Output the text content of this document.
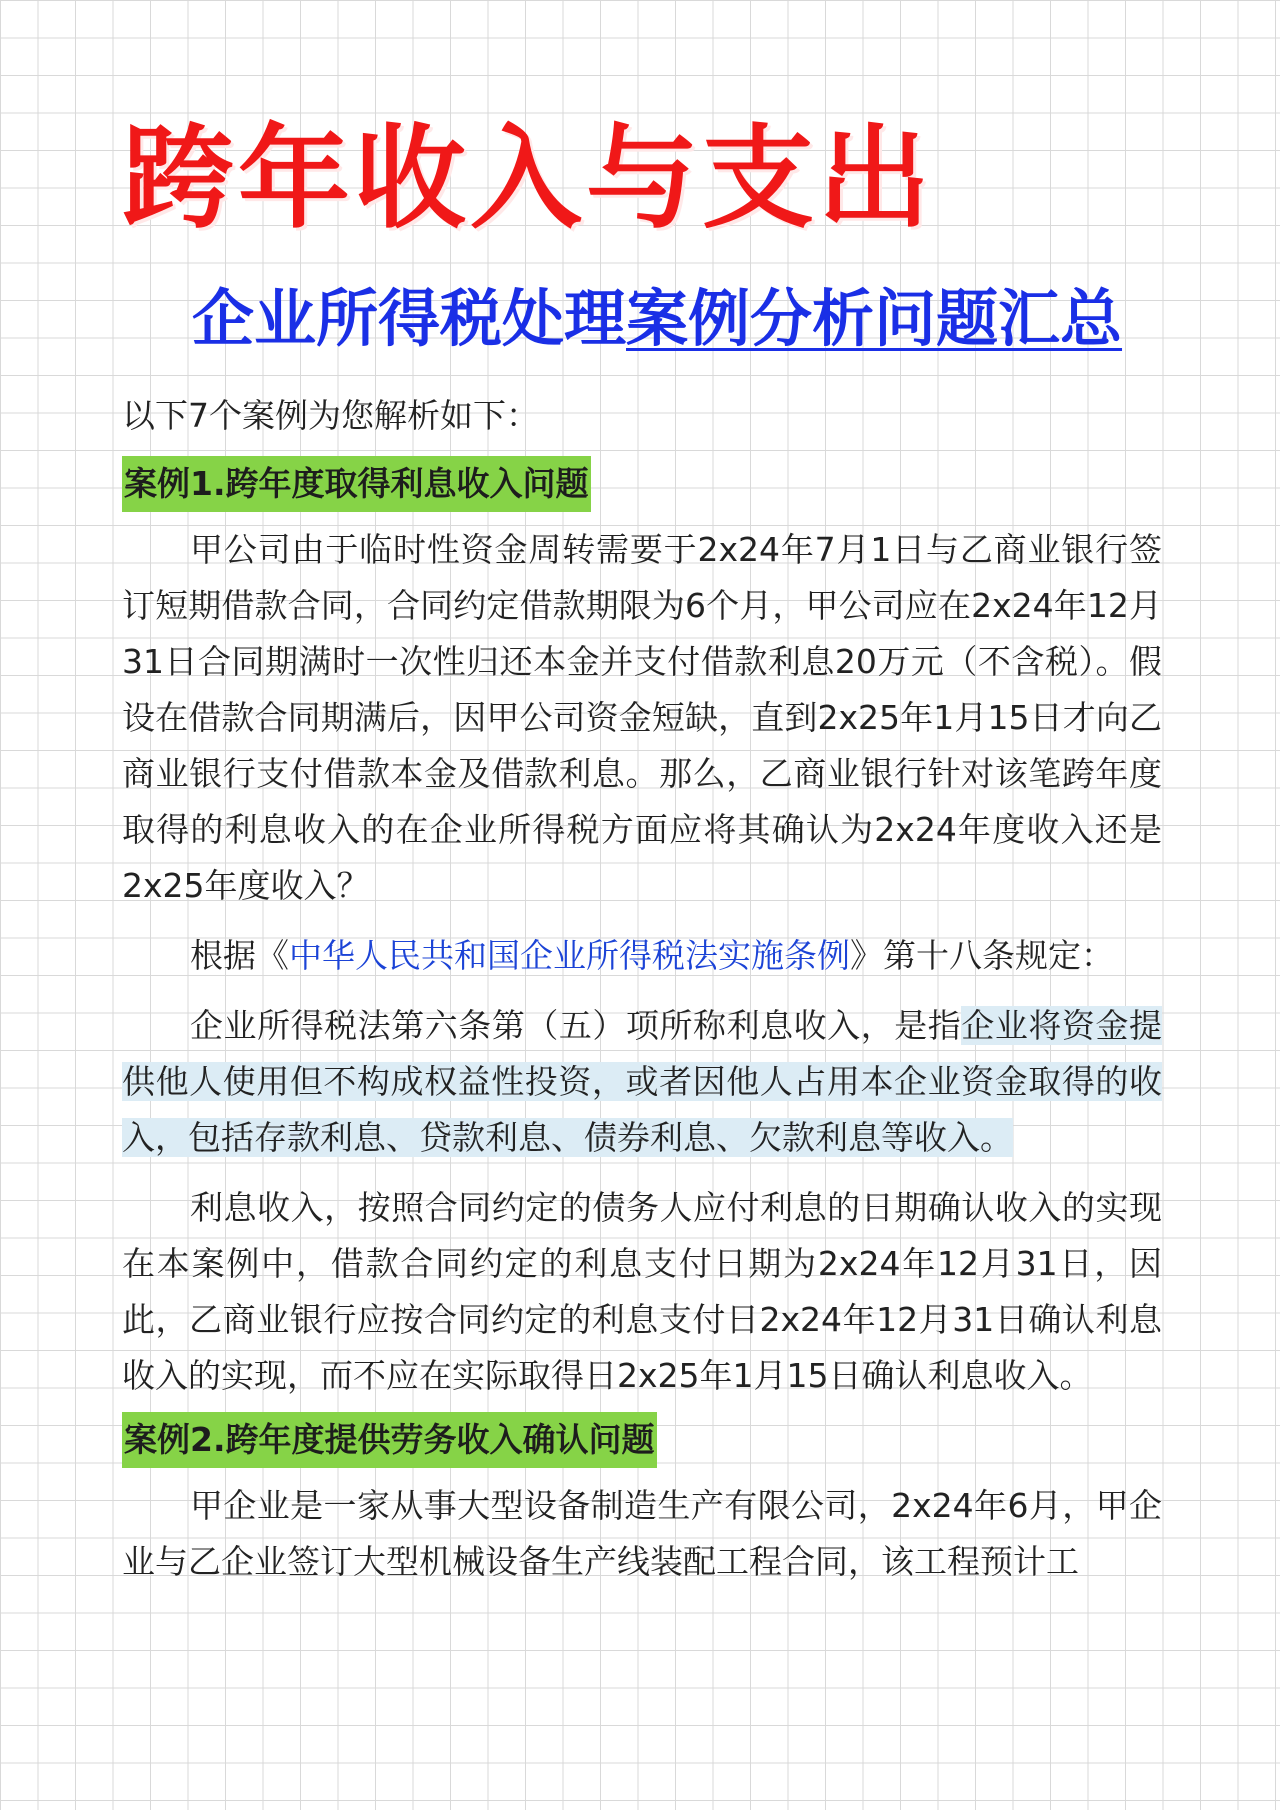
跨年收入与支出
企业所得税处理案例分析问题汇总

以下7个案例为您解析如下：

案例1.跨年度取得利息收入问题

甲公司由于临时性资金周转需要于2x24年7月1日与乙商业银行签订短期借款合同，合同约定借款期限为6个月，甲公司应在2x24年12月31日合同期满时一次性归还本金并支付借款利息20万元（不含税）。假设在借款合同期满后，因甲公司资金短缺，直到2x25年1月15日才向乙商业银行支付借款本金及借款利息。那么，乙商业银行针对该笔跨年度取得的利息收入的在企业所得税方面应将其确认为2x24年度收入还是2x25年度收入？

根据《中华人民共和国企业所得税法实施条例》第十八条规定：

企业所得税法第六条第（五）项所称利息收入，是指企业将资金提供他人使用但不构成权益性投资，或者因他人占用本企业资金取得的收入，包括存款利息、贷款利息、债券利息、欠款利息等收入。

利息收入，按照合同约定的债务人应付利息的日期确认收入的实现在本案例中，借款合同约定的利息支付日期为2x24年12月31日，因此，乙商业银行应按合同约定的利息支付日2x24年12月31日确认利息收入的实现，而不应在实际取得日2x25年1月15日确认利息收入。

案例2.跨年度提供劳务收入确认问题

甲企业是一家从事大型设备制造生产有限公司，2x24年6月，甲企业与乙企业签订大型机械设备生产线装配工程合同，该工程预计工
